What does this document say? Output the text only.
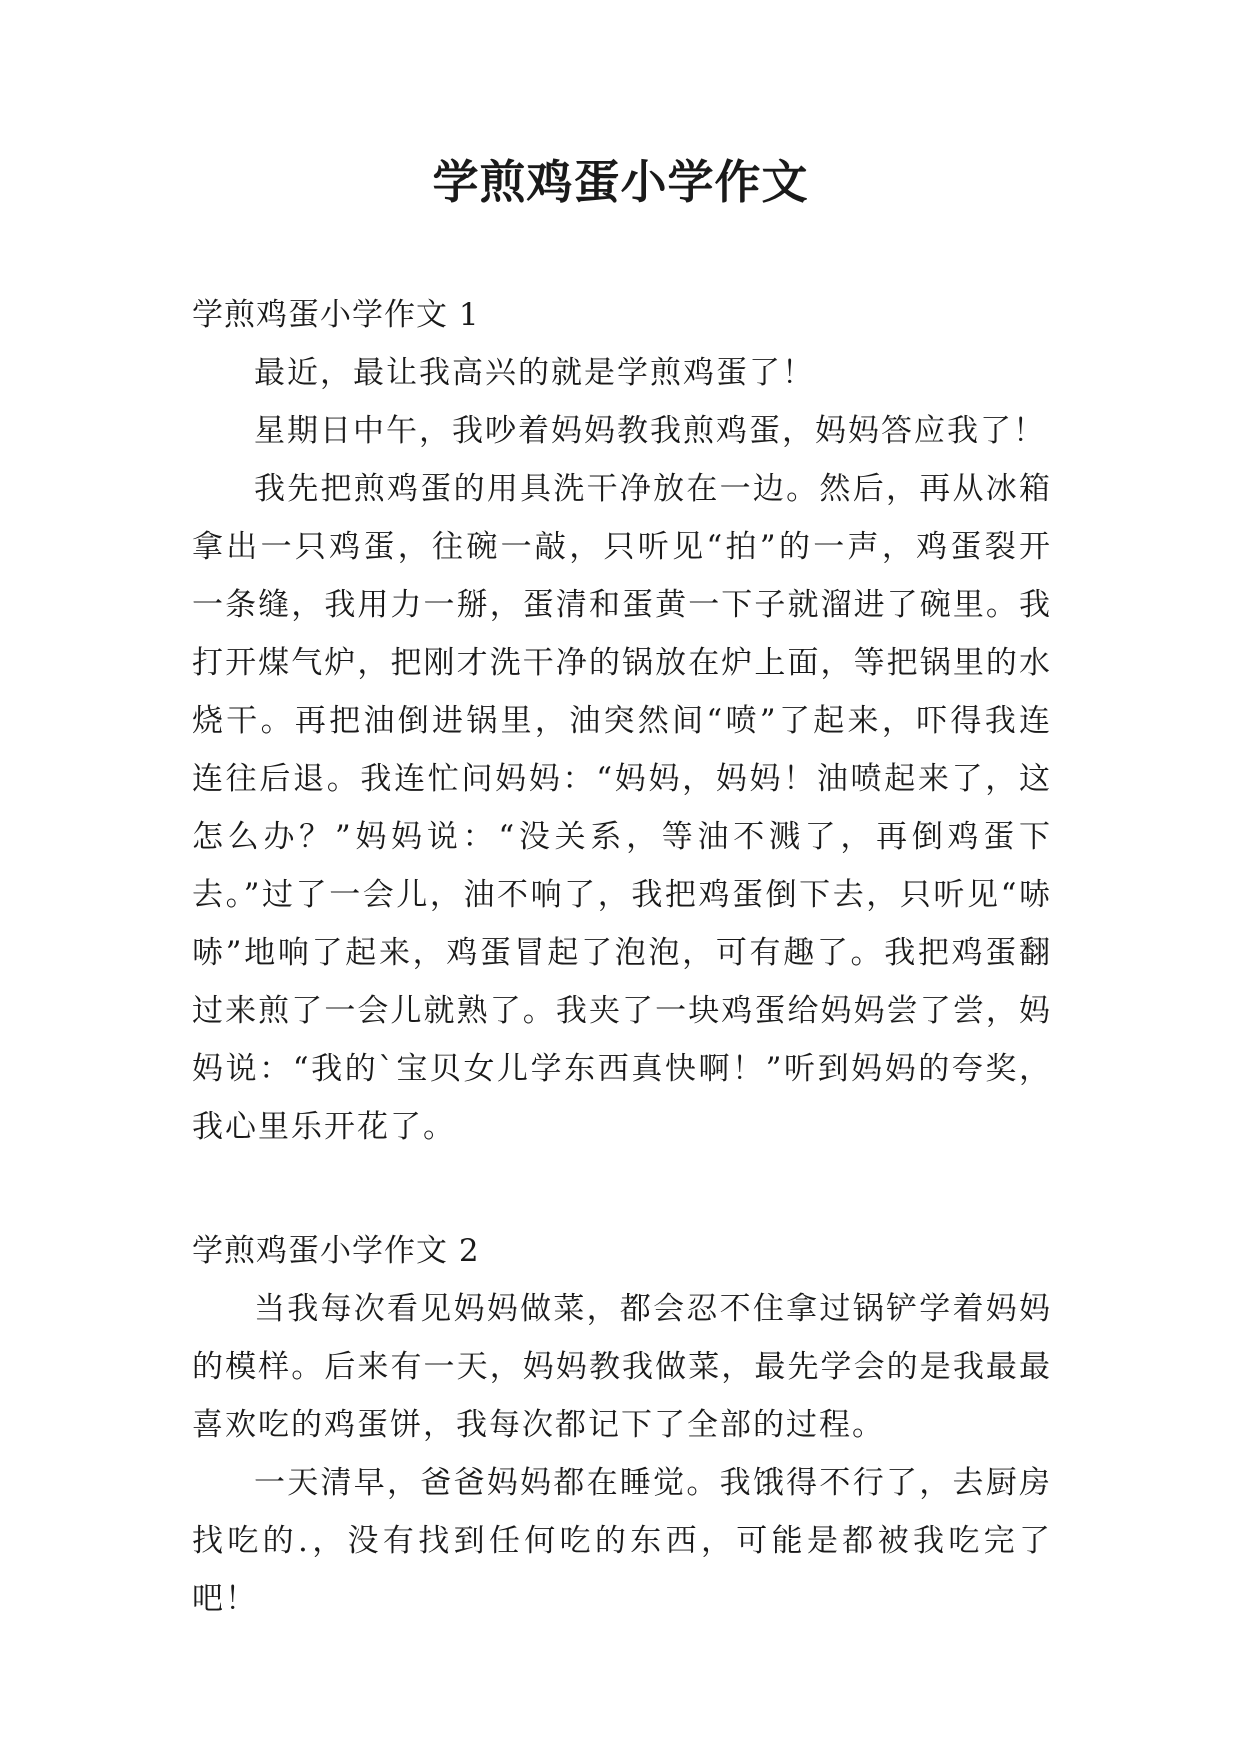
学煎鸡蛋小学作文
学煎鸡蛋小学作文 1

最近，最让我高兴的就是学煎鸡蛋了！

星期日中午，我吵着妈妈教我煎鸡蛋，妈妈答应我了！

我先把煎鸡蛋的用具洗干净放在一边。然后，再从冰箱拿出一只鸡蛋，往碗一敲，只听见“拍”的一声，鸡蛋裂开一条缝，我用力一掰，蛋清和蛋黄一下子就溜进了碗里。我打开煤气炉，把刚才洗干净的锅放在炉上面，等把锅里的水烧干。再把油倒进锅里，油突然间“喷”了起来，吓得我连连往后退。我连忙问妈妈：“妈妈，妈妈！油喷起来了，这怎么办？”妈妈说：“没关系，等油不溅了，再倒鸡蛋下去。”过了一会儿，油不响了，我把鸡蛋倒下去，只听见“哧哧”地响了起来，鸡蛋冒起了泡泡，可有趣了。我把鸡蛋翻过来煎了一会儿就熟了。我夹了一块鸡蛋给妈妈尝了尝，妈妈说：“我的`宝贝女儿学东西真快啊！”听到妈妈的夸奖，我心里乐开花了。

学煎鸡蛋小学作文 2

当我每次看见妈妈做菜，都会忍不住拿过锅铲学着妈妈的模样。后来有一天，妈妈教我做菜，最先学会的是我最最喜欢吃的鸡蛋饼，我每次都记下了全部的过程。

一天清早，爸爸妈妈都在睡觉。我饿得不行了，去厨房找吃的.，没有找到任何吃的东西，可能是都被我吃完了吧！
